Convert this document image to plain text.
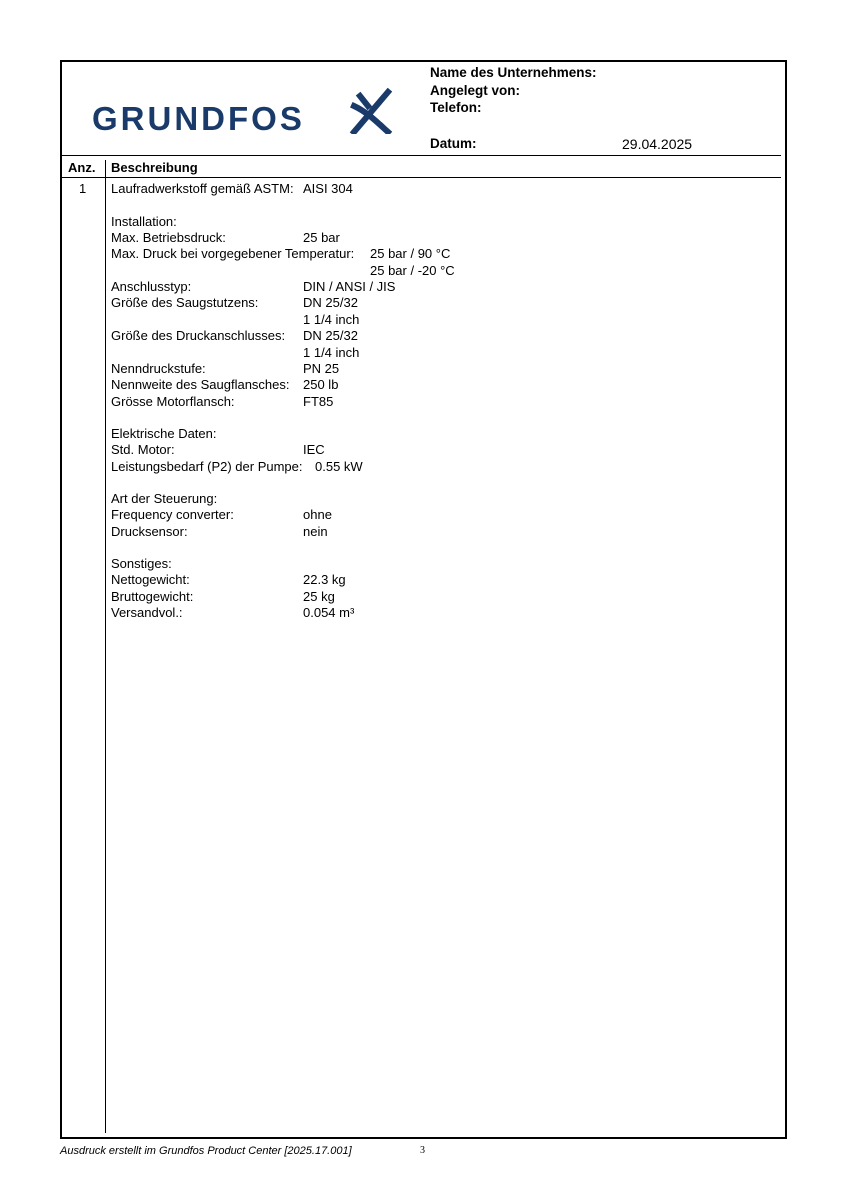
GRUNDFOS
Name des Unternehmens:
Angelegt von:
Telefon:
Datum:	29.04.2025
Anz. Beschreibung
1 Laufradwerkstoff gemäß ASTM: AISI 304
Installation:
Max. Betriebsdruck:	25 bar
Max. Druck bei vorgegebener Temperatur: 25 bar / 90 °C
25 bar / -20 °C
Anschlusstyp:	DIN / ANSI / JIS
Größe des Saugstutzens:	DN 25/32
1 1/4 inch
Größe des Druckanschlusses: DN 25/32
1 1/4 inch
Nenndruckstufe:	PN 25
Nennweite des Saugflansches: 250 lb
Grösse Motorflansch:	FT85
Elektrische Daten:
Std. Motor:	IEC
Leistungsbedarf (P2) der Pumpe: 0.55 kW
Art der Steuerung:
Frequency converter:	ohne
Drucksensor:	nein
Sonstiges:
Nettogewicht:	22.3 kg
Bruttogewicht:	25 kg
Versandvol.:	0.054 m³
Ausdruck erstellt im Grundfos Product Center [2025.17.001]	3
